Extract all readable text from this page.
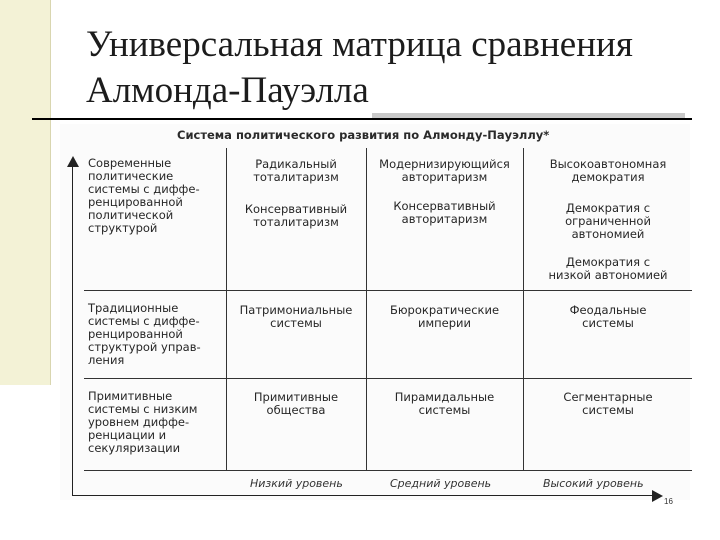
Универсальная матрица сравнения
Алмонда-Пауэлла
Система политического развития по Алмонду-Пауэллу*
Современные
политические
системы с диффе-
ренцированной
политической
структурой
Традиционные
системы с диффе-
ренцированной
структурой управ-
ления
Примитивные
системы с низким
уровнем диффе-
ренциации и
секуляризации
Радикальный
тоталитаризм
Консервативный
тоталитаризм
Модернизирующийся
авторитаризм
Консервативный
авторитаризм
Высокоавтономная
демократия
Демократия с
ограниченной
автономией
Демократия с
низкой автономией
Патримониальные
системы
Бюрократические
империи
Феодальные
системы
Примитивные
общества
Пирамидальные
системы
Сегментарные
системы
Низкий уровень	Средний уровень	Высокий уровень
16
